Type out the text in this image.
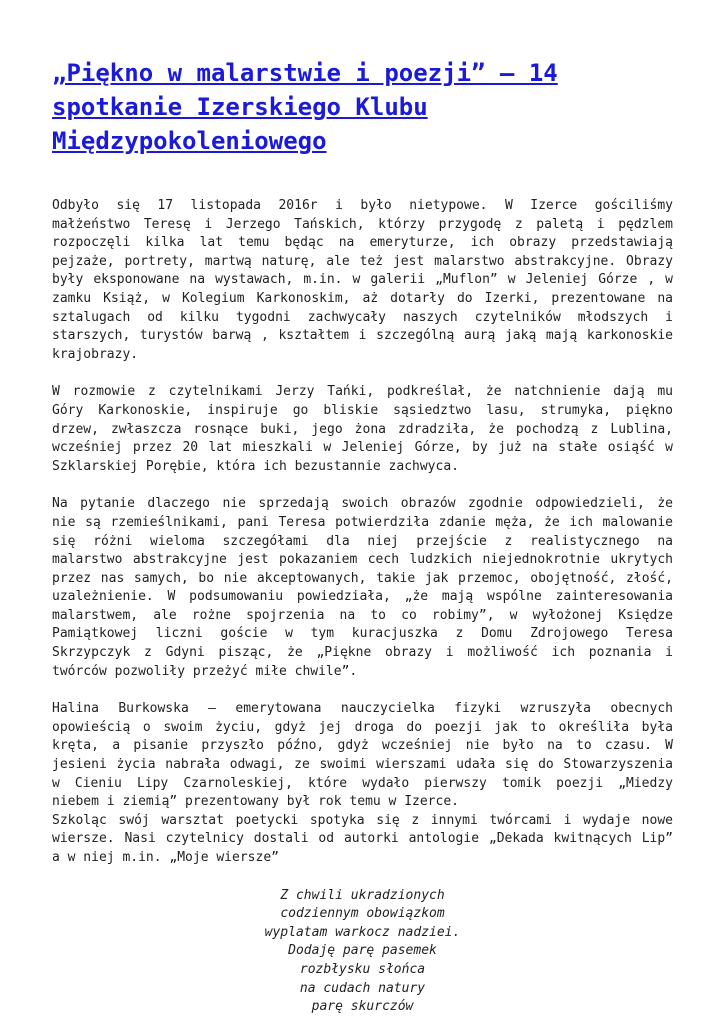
„Piękno w malarstwie i poezji” – 14 spotkanie Izerskiego Klubu Międzypokoleniowego

Odbyło się 17 listopada 2016r i było nietypowe. W Izerce gościliśmy
małżeństwo Teresę i Jerzego Tańskich, którzy przygodę z paletą i pędzlem
rozpoczęli kilka lat temu będąc na emeryturze, ich obrazy przedstawiają
pejzaże, portrety, martwą naturę, ale też jest malarstwo abstrakcyjne. Obrazy
były eksponowane na wystawach, m.in. w galerii „Muflon” w Jeleniej Górze , w
zamku Książ, w Kolegium Karkonoskim, aż dotarły do Izerki, prezentowane na
sztalugach od kilku tygodni zachwycały naszych czytelników młodszych i
starszych, turystów barwą , kształtem i szczególną aurą jaką mają karkonoskie
krajobrazy.

W rozmowie z czytelnikami Jerzy Tańki, podkreślał, że natchnienie dają mu
Góry Karkonoskie, inspiruje go bliskie sąsiedztwo lasu, strumyka, piękno
drzew, zwłaszcza rosnące buki, jego żona zdradziła, że pochodzą z Lublina,
wcześniej przez 20 lat mieszkali w Jeleniej Górze, by już na stałe osiąść w
Szklarskiej Porębie, która ich bezustannie zachwyca.

Na pytanie dlaczego nie sprzedają swoich obrazów zgodnie odpowiedzieli, że
nie są rzemieślnikami, pani Teresa potwierdziła zdanie męża, że ich malowanie
się różni wieloma szczegółami dla niej przejście z realistycznego na
malarstwo abstrakcyjne jest pokazaniem cech ludzkich niejednokrotnie ukrytych
przez nas samych, bo nie akceptowanych, takie jak przemoc, obojętność, złość,
uzależnienie. W podsumowaniu powiedziała, „że mają wspólne zainteresowania
malarstwem, ale rożne spojrzenia na to co robimy”, w wyłożonej Księdze
Pamiątkowej liczni goście w tym kuracjuszka z Domu Zdrojowego Teresa
Skrzypczyk z Gdyni pisząc, że „Piękne obrazy i możliwość ich poznania i
twórców pozwoliły przeżyć miłe chwile”.

Halina Burkowska – emerytowana nauczycielka fizyki wzruszyła obecnych
opowieścią o swoim życiu, gdyż jej droga do poezji jak to określiła była
kręta, a pisanie przyszło późno, gdyż wcześniej nie było na to czasu. W
jesieni życia nabrała odwagi, ze swoimi wierszami udała się do Stowarzyszenia
w Cieniu Lipy Czarnoleskiej, które wydało pierwszy tomik poezji „Miedzy
niebem i ziemią” prezentowany był rok temu w Izerce.

Szkoląc swój warsztat poetycki spotyka się z innymi twórcami i wydaje nowe
wiersze. Nasi czytelnicy dostali od autorki antologie „Dekada kwitnących Lip”
a w niej m.in. „Moje wiersze”

Z chwili ukradzionych
codziennym obowiązkom
wyplatam warkocz nadziei.
Dodaję parę pasemek
rozbłysku słońca
na cudach natury
parę skurczów
